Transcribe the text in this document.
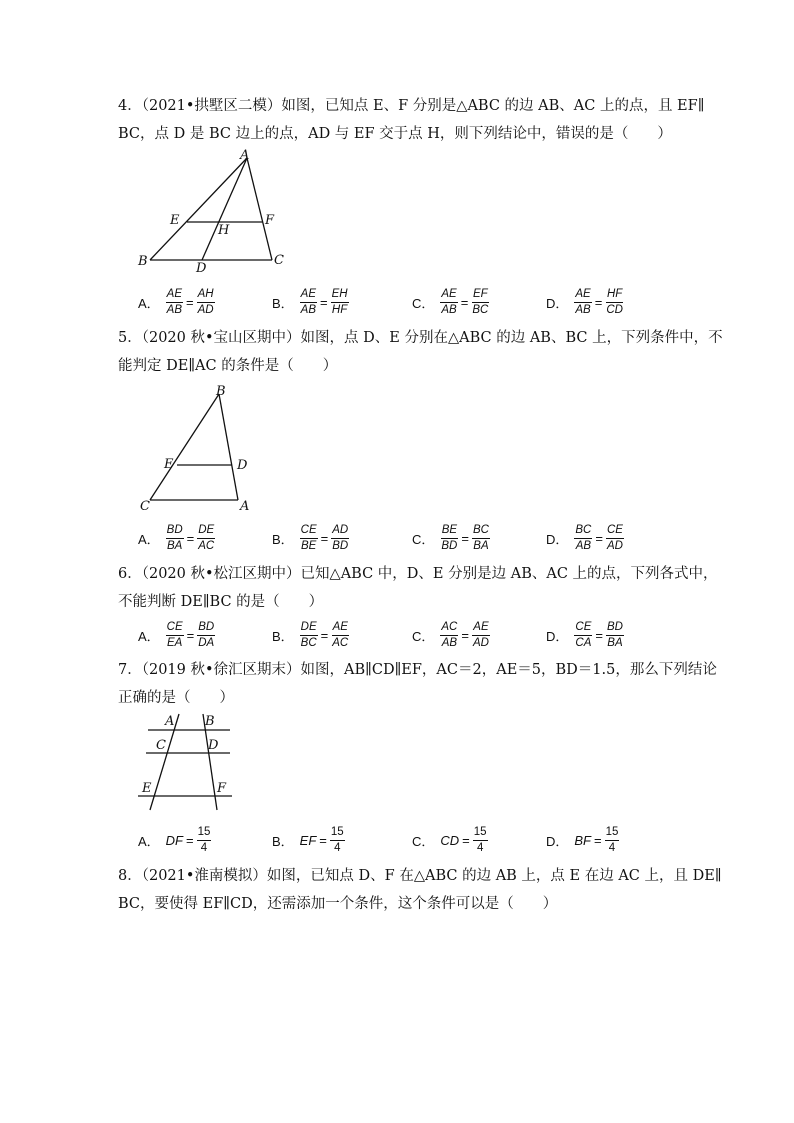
4．（2021•拱墅区二模）如图，已知点 E、F 分别是△ABC 的边 AB、AC 上的点，且 EF∥
BC，点 D 是 BC 边上的点，AD 与 EF 交于点 H，则下列结论中，错误的是（　　）
A
E	F
H
B	D
C
A． $\frac{AE}{AB} = \frac{AH}{AD}$	B． $\frac{AE}{AB} = \frac{EH}{HF}$	C． $\frac{AE}{AB} = \frac{EF}{BC}$	D． $\frac{AE}{AB} = \frac{HF}{CD}$
5．（2020 秋•宝山区期中）如图，点 D、E 分别在△ABC 的边 AB、BC 上，下列条件中，不
能判定 DE∥AC 的条件是（　　）
B
E	D
C	A
A． $\frac{BD}{BA} = \frac{DE}{AC}$	B． $\frac{CE}{BE} = \frac{AD}{BD}$	C． $\frac{BE}{BD} = \frac{BC}{BA}$	D． $\frac{BC}{AB} = \frac{CE}{AD}$
6．（2020 秋•松江区期中）已知△ABC 中，D、E 分别是边 AB、AC 上的点，下列各式中，
不能判断 DE∥BC 的是（　　）
A． $\frac{CE}{EA} = \frac{BD}{DA}$	B． $\frac{DE}{BC} = \frac{AE}{AC}$	C． $\frac{AC}{AB} = \frac{AE}{AD}$	D． $\frac{CE}{CA} = \frac{BD}{BA}$
7．（2019 秋•徐汇区期末）如图，AB∥CD∥EF，AC＝2，AE＝5，BD＝1.5，那么下列结论
正确的是（　　）
A B
C	D
E	F
A． DF = $\frac{15}{4}$	B． EF = $\frac{15}{4}$	C． CD = $\frac{15}{4}$	D． BF = $\frac{15}{4}$
8．（2021•淮南模拟）如图，已知点 D、F 在△ABC 的边 AB 上，点 E 在边 AC 上，且 DE∥
BC，要使得 EF∥CD，还需添加一个条件，这个条件可以是（　　）
